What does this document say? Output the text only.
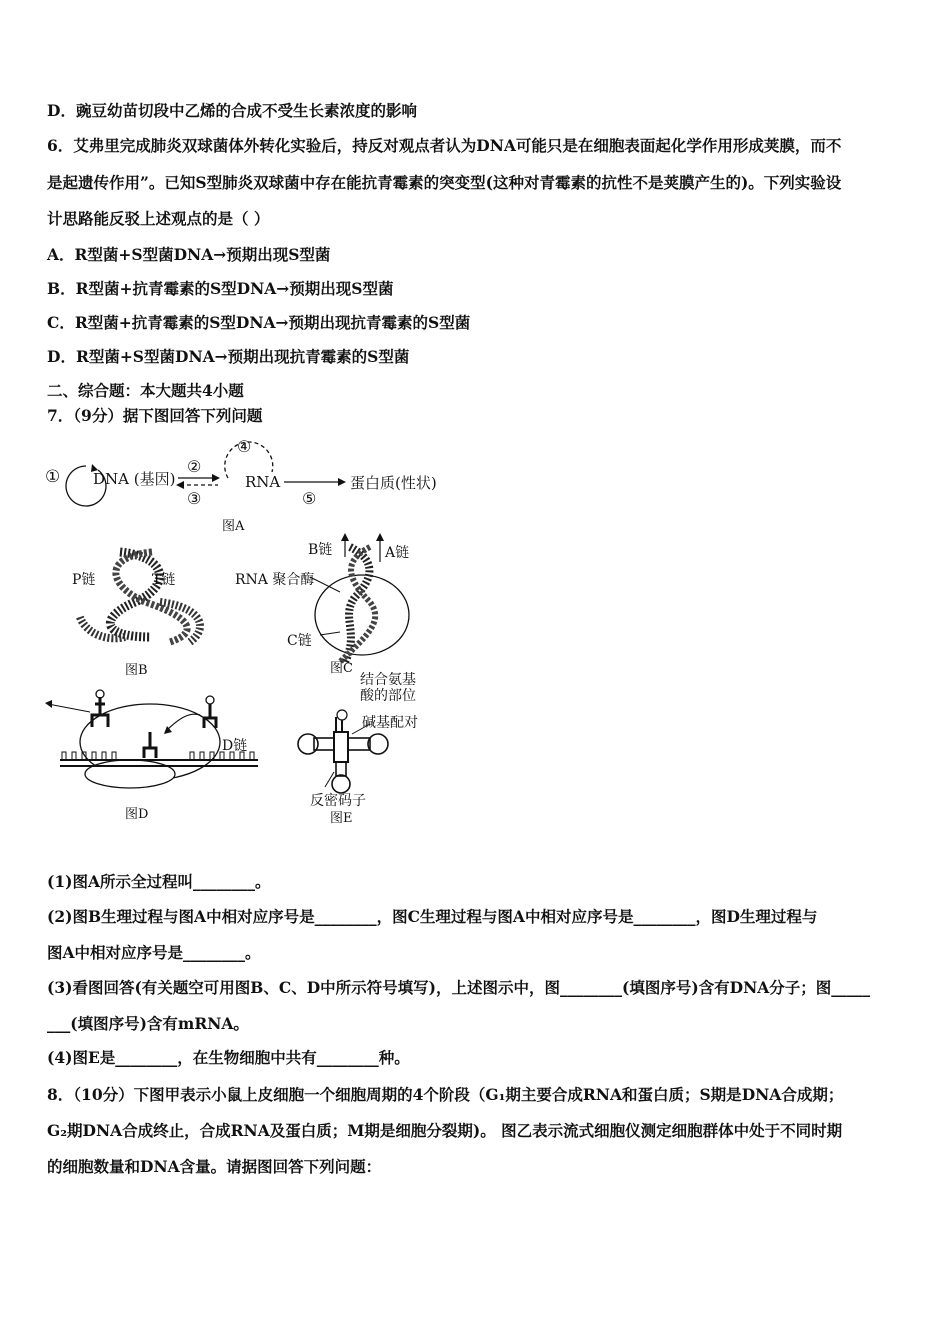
D．豌豆幼苗切段中乙烯的合成不受生长素浓度的影响
6．艾弗里完成肺炎双球菌体外转化实验后，持反对观点者认为DNA可能只是在细胞表面起化学作用形成荚膜，而不
是起遗传作用”。已知S型肺炎双球菌中存在能抗青霉素的突变型(这种对青霉素的抗性不是荚膜产生的)。下列实验设
计思路能反驳上述观点的是（ ）
A．R型菌+S型菌DNA→预期出现S型菌
B．R型菌+抗青霉素的S型DNA→预期出现S型菌
C．R型菌+抗青霉素的S型DNA→预期出现抗青霉素的S型菌
D．R型菌+S型菌DNA→预期出现抗青霉素的S型菌
二、综合题：本大题共4小题
7．（9分）据下图回答下列问题
① DNA (基因)
②
③
④
RNA
⑤
蛋白质(性状)
图A
P链	T链
图B
B链	A链
RNA 聚合酶
C链
图C
D链
图D
结合氨基
酸的部位
碱基配对
反密码子
图E
(1)图A所示全过程叫________。
(2)图B生理过程与图A中相对应序号是________，图C生理过程与图A中相对应序号是________，图D生理过程与
图A中相对应序号是________。
(3)看图回答(有关题空可用图B、C、D中所示符号填写)，上述图示中，图________(填图序号)含有DNA分子；图_____
___(填图序号)含有mRNA。
(4)图E是________，在生物细胞中共有________种。
8．（10分）下图甲表示小鼠上皮细胞一个细胞周期的4个阶段（G₁期主要合成RNA和蛋白质；S期是DNA合成期；
G₂期DNA合成终止，合成RNA及蛋白质；M期是细胞分裂期)。 图乙表示流式细胞仪测定细胞群体中处于不同时期
的细胞数量和DNA含量。请据图回答下列问题：
